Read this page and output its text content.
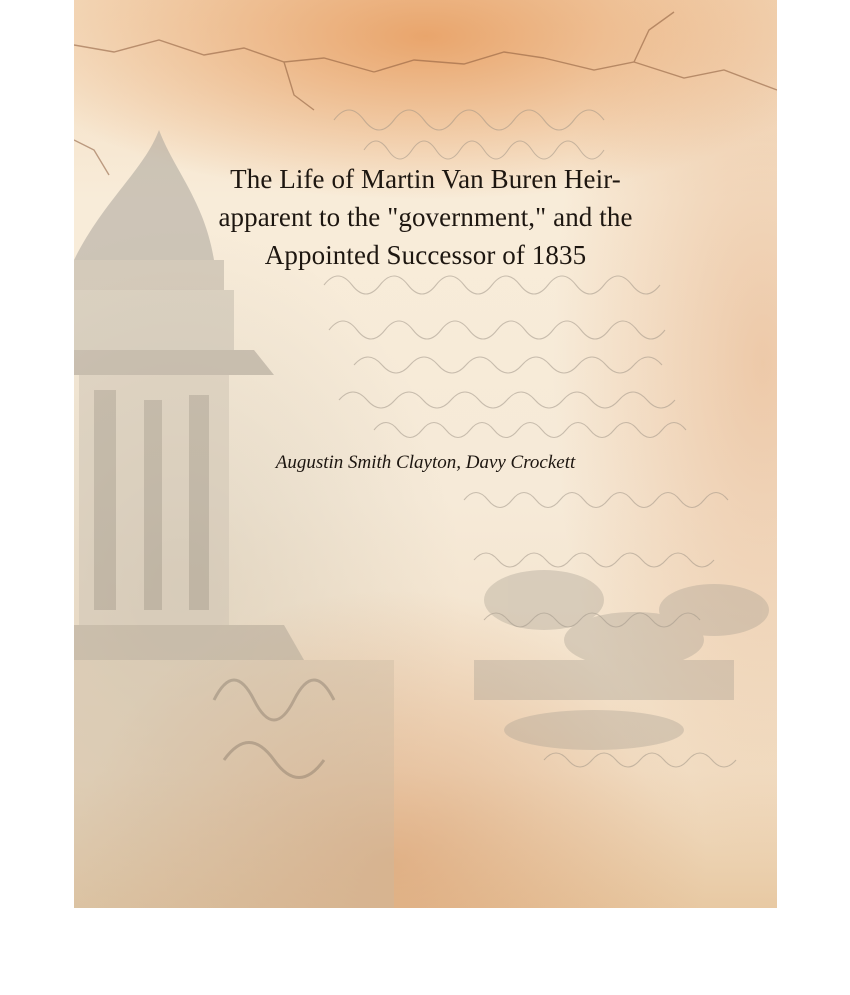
The Life of Martin Van Buren Heir-
apparent to the "government," and the
Appointed Successor of 1835
Augustin Smith Clayton, Davy Crockett
